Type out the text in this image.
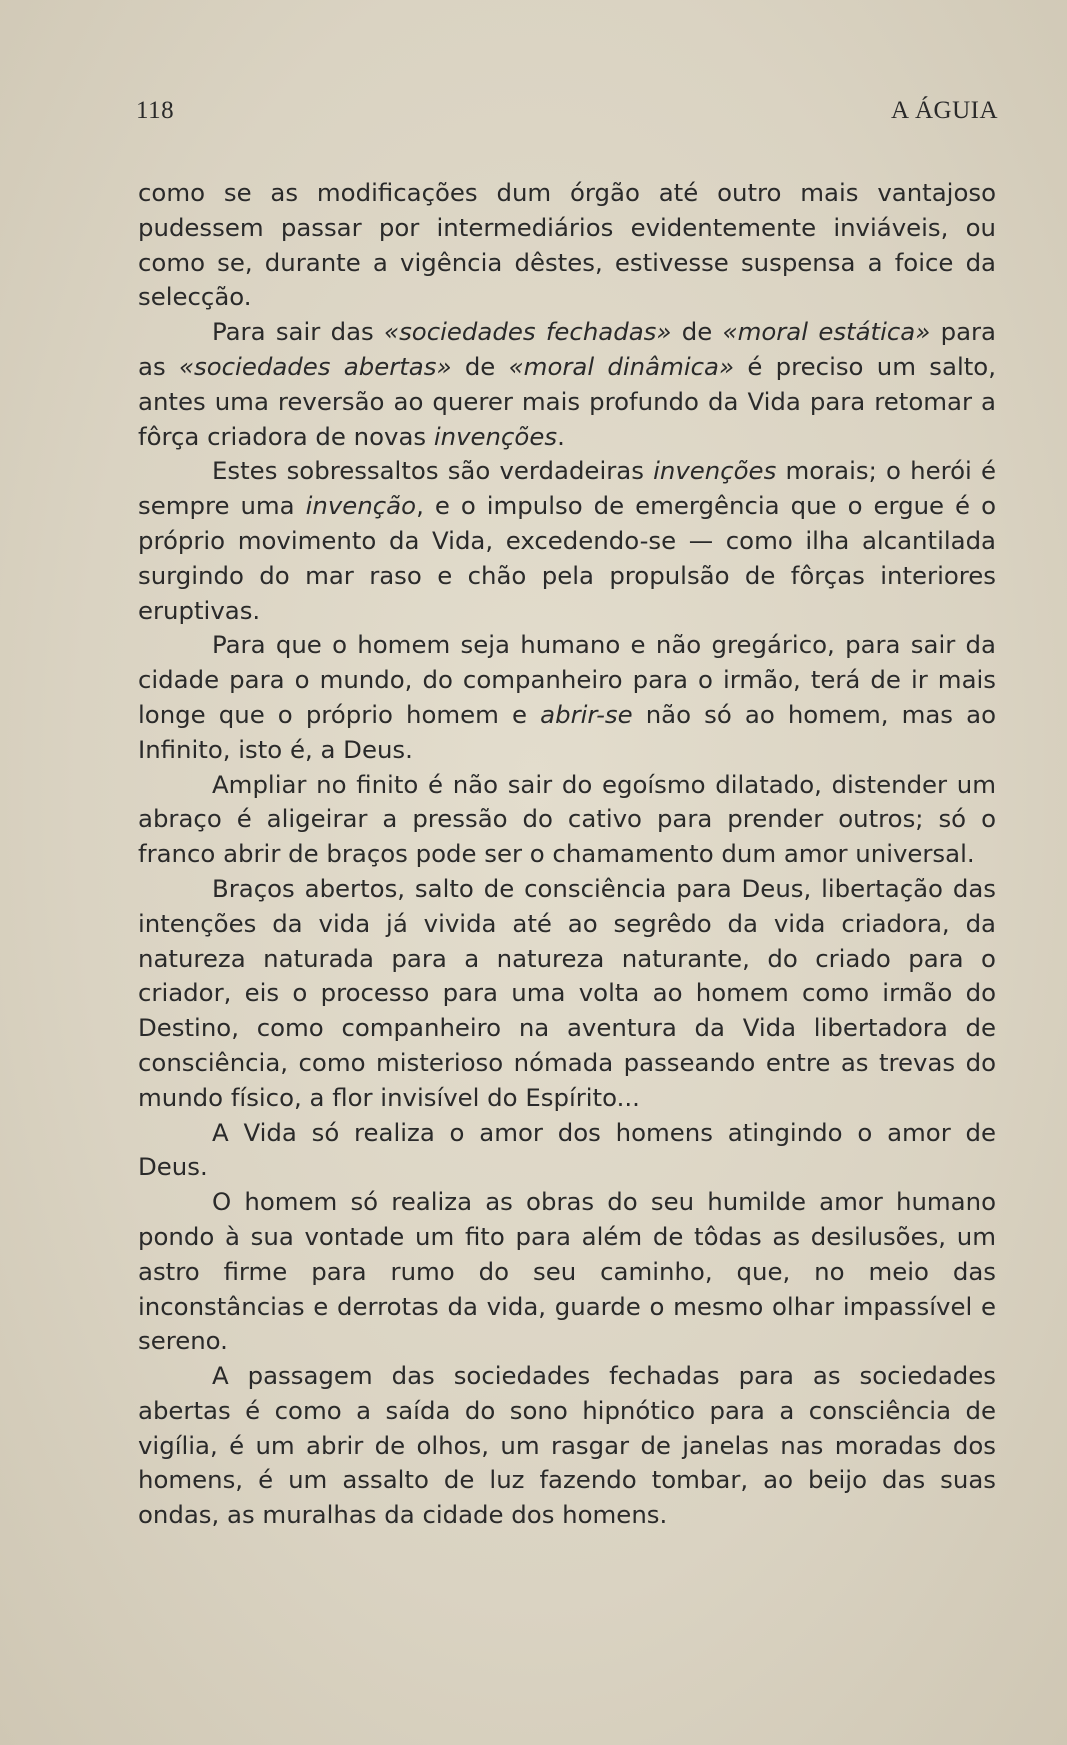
118	A ÁGUIA

como se as modificações dum órgão até outro mais vantajoso pudessem passar por intermediários evidentemente inviáveis, ou como se, durante a vigência dêstes, estivesse suspensa a foice da selecção.

Para sair das «sociedades fechadas» de «moral estática» para as «sociedades abertas» de «moral dinâmica» é preciso um salto, antes uma reversão ao querer mais profundo da Vida para retomar a fôrça criadora de novas invenções.

Estes sobressaltos são verdadeiras invenções morais; o herói é sempre uma invenção, e o impulso de emergência que o ergue é o próprio movimento da Vida, excedendo-se — como ilha alcantilada surgindo do mar raso e chão pela propulsão de fôrças interiores eruptivas.

Para que o homem seja humano e não gregárico, para sair da cidade para o mundo, do companheiro para o irmão, terá de ir mais longe que o próprio homem e abrir-se não só ao homem, mas ao Infinito, isto é, a Deus.

Ampliar no finito é não sair do egoísmo dilatado, distender um abraço é aligeirar a pressão do cativo para prender outros; só o franco abrir de braços pode ser o chamamento dum amor universal.

Braços abertos, salto de consciência para Deus, libertação das intenções da vida já vivida até ao segrêdo da vida criadora, da natureza naturada para a natureza naturante, do criado para o criador, eis o processo para uma volta ao homem como irmão do Destino, como companheiro na aventura da Vida libertadora de consciência, como misterioso nómada passeando entre as trevas do mundo físico, a flor invisível do Espírito...

A Vida só realiza o amor dos homens atingindo o amor de Deus.

O homem só realiza as obras do seu humilde amor humano pondo à sua vontade um fito para além de tôdas as desilusões, um astro firme para rumo do seu caminho, que, no meio das inconstâncias e derrotas da vida, guarde o mesmo olhar impassível e sereno.

A passagem das sociedades fechadas para as sociedades abertas é como a saída do sono hipnótico para a consciência de vigília, é um abrir de olhos, um rasgar de janelas nas moradas dos homens, é um assalto de luz fazendo tombar, ao beijo das suas ondas, as muralhas da cidade dos homens.
